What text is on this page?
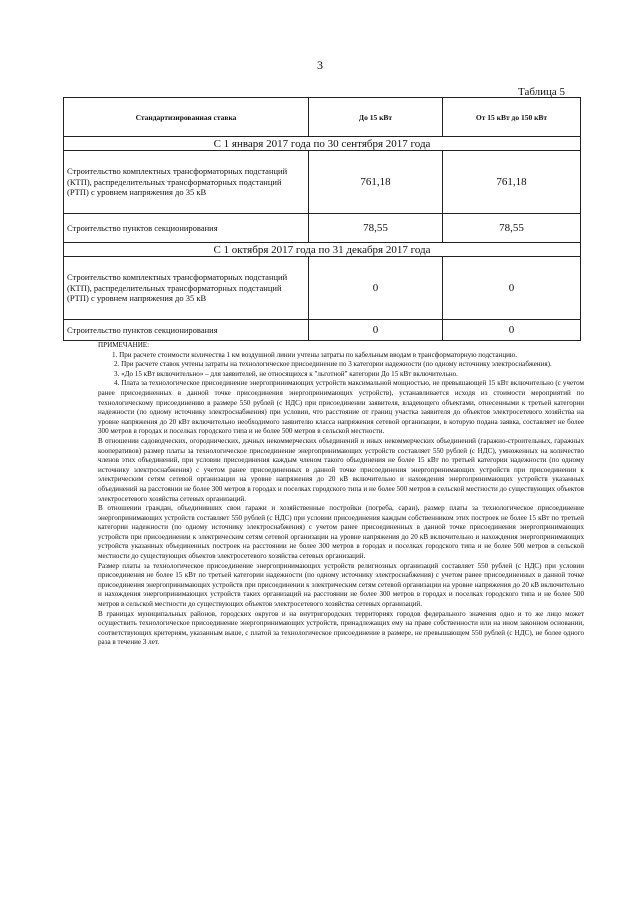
3
Таблица 5
Стандартизированная ставка	До 15 кВт	От 15 кВт до 150 кВт
С 1 января 2017 года по 30 сентября 2017 года		
Строительство комплектных трансформаторных подстанций (КТП), распределительных трансформаторных подстанций (РТП) с уровнем напряжения до 35 кВ	761,18	761,18
Строительство пунктов секционирования	78,55	78,55
С 1 октября 2017 года по 31 декабря 2017 года		
Строительство комплектных трансформаторных подстанций (КТП), распределительных трансформаторных подстанций (РТП) с уровнем напряжения до 35 кВ	0	0
Строительство пунктов секционирования	0	0

ПРИМЕЧАНИЕ:

1. При расчете стоимости количества 1 км воздушной линии учтены затраты по кабельным вводам в трансформаторную подстанцию.

2. При расчете ставок учтены затраты на технологическое присоединение по 3 категории надежности (по одному источнику электроснабжения).

3. «До 15 кВт включительно» – для заявителей, не относящихся к "льготной" категории До 15 кВт включительно.

4. Плата за технологическое присоединение энергопринимающих устройств максимальной мощностью, не превышающей 15 кВт включительно (с учетом ранее присоединенных в данной точке присоединения энергопринимающих устройств), устанавливается исходя из стоимости мероприятий по технологическому присоединению в размере 550 рублей (с НДС) при присоединении заявителя, владеющего объектами, отнесенными к третьей категории надежности (по одному источнику электроснабжения) при условии, что расстояние от границ участка заявителя до объектов электросетевого хозяйства на уровне напряжения до 20 кВт включительно необходимого заявителю класса напряжения сетевой организации, в которую подана заявка, составляет не более 300 метров в городах и поселках городского типа и не более 500 метров в сельской местности.

В отношении садоводческих, огороднических, дачных некоммерческих объединений и иных некоммерческих объединений (гаражно-строительных, гаражных кооперативов) размер платы за технологическое присоединение энергопринимающих устройств составляет 550 рублей (с НДС), умноженных на количество членов этих объединений, при условии присоединения каждым членом такого объединения не более 15 кВт по третьей категории надежности (по одному источнику электроснабжения) с учетом ранее присоединенных в данной точке присоединения энергопринимающих устройств при присоединении к электрическим сетям сетевой организации на уровне напряжения до 20 кВ включительно и нахождения энергопринимающих устройств указанных объединений на расстоянии не более 300 метров в городах и поселках городского типа и не более 500 метров в сельской местности до существующих объектов электросетевого хозяйства сетевых организаций.

В отношении граждан, объединивших свои гаражи и хозяйственные постройки (погреба, сараи), размер платы за технологическое присоединение энергопринимающих устройств составляет 550 рублей (с НДС) при условии присоединения каждым собственником этих построек не более 15 кВт по третьей категории надежности (по одному источнику электроснабжения) с учетом ранее присоединенных в данной точке присоединения энергопринимающих устройств при присоединении к электрическим сетям сетевой организации на уровне напряжения до 20 кВ включительно и нахождения энергопринимающих устройств указанных объединенных построек на расстоянии не более 300 метров в городах и поселках городского типа и не более 500 метров в сельской местности до существующих объектов электросетевого хозяйства сетевых организаций.

Размер платы за технологическое присоединение энергопринимающих устройств религиозных организаций составляет 550 рублей (с НДС) при условии присоединения не более 15 кВт по третьей категории надежности (по одному источнику электроснабжения) с учетом ранее присоединенных в данной точке присоединения энергопринимающих устройств при присоединении к электрическим сетям сетевой организации на уровне напряжения до 20 кВ включительно и нахождения энергопринимающих устройств таких организаций на расстоянии не более 300 метров в городах и поселках городского типа и не более 500 метров в сельской местности до существующих объектов электросетевого хозяйства сетевых организаций.

В границах муниципальных районов, городских округов и на внутригородских территориях городов федерального значения одно и то же лицо может осуществить технологическое присоединение энергопринимающих устройств, принадлежащих ему на праве собственности или на ином законном основании, соответствующих критериям, указанным выше, с платой за технологическое присоединение в размере, не превышающем 550 рублей (с НДС), не более одного раза в течение 3 лет.
